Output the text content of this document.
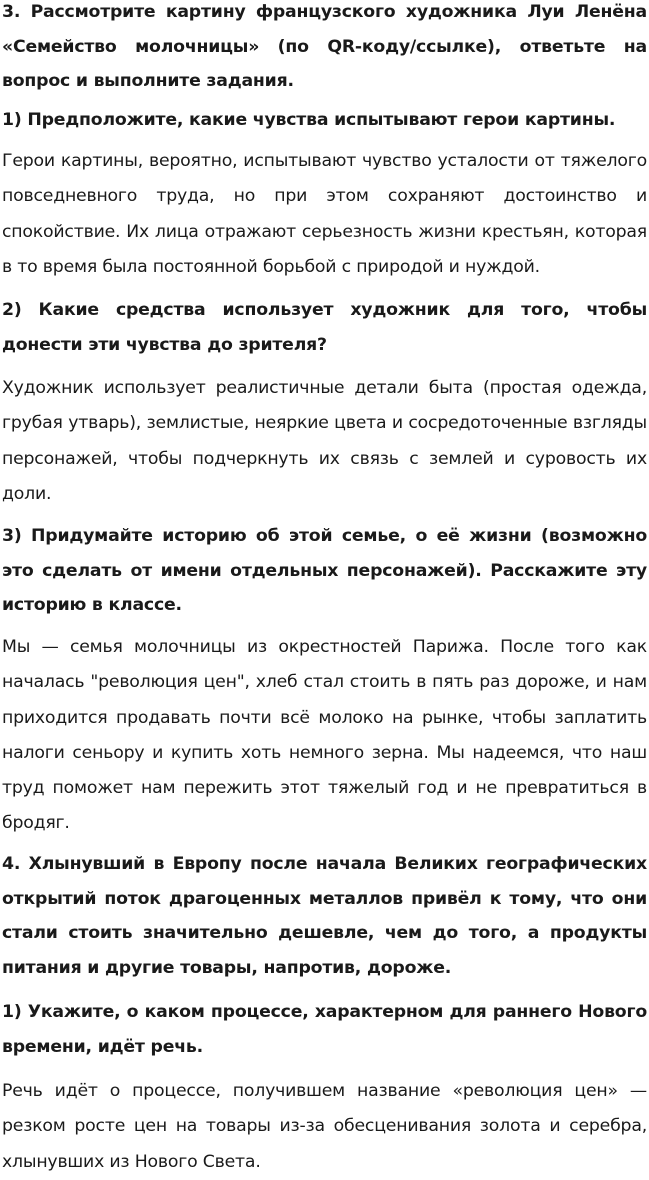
3. Рассмотрите картину французского художника Луи Ленёна «Семейство молочницы» (по QR-коду/ссылке), ответьте на вопрос и выполните задания.

1) Предположите, какие чувства испытывают герои картины.

Герои картины, вероятно, испытывают чувство усталости от тяжелого повседневного труда, но при этом сохраняют достоинство и спокойствие. Их лица отражают серьезность жизни крестьян, которая в то время была постоянной борьбой с природой и нуждой.

2) Какие средства использует художник для того, чтобы донести эти чувства до зрителя?

Художник использует реалистичные детали быта (простая одежда, грубая утварь), землистые, неяркие цвета и сосредоточенные взгляды персонажей, чтобы подчеркнуть их связь с землей и суровость их доли.

3) Придумайте историю об этой семье, о её жизни (возможно это сделать от имени отдельных персонажей). Расскажите эту историю в классе.

Мы — семья молочницы из окрестностей Парижа. После того как началась "революция цен", хлеб стал стоить в пять раз дороже, и нам приходится продавать почти всё молоко на рынке, чтобы заплатить налоги сеньору и купить хоть немного зерна. Мы надеемся, что наш труд поможет нам пережить этот тяжелый год и не превратиться в бродяг.

4. Хлынувший в Европу после начала Великих географических открытий поток драгоценных металлов привёл к тому, что они стали стоить значительно дешевле, чем до того, а продукты питания и другие товары, напротив, дороже.

1) Укажите, о каком процессе, характерном для раннего Нового времени, идёт речь.

Речь идёт о процессе, получившем название «революция цен» — резком росте цен на товары из-за обесценивания золота и серебра, хлынувших из Нового Света.
